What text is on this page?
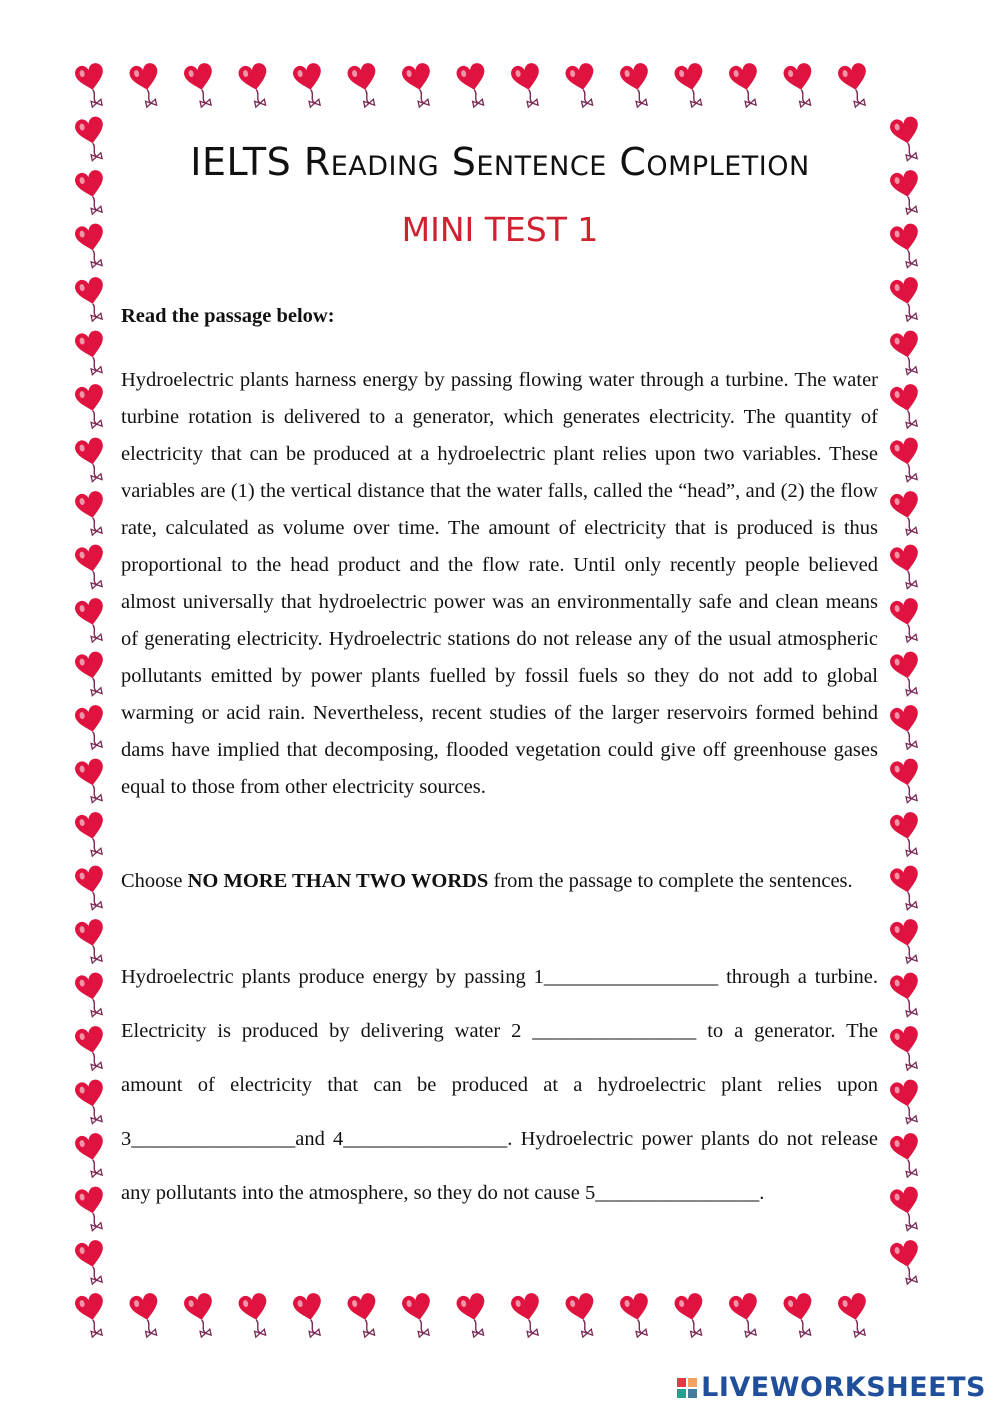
IELTS Reading Sentence Completion
MINI TEST 1
Read the passage below:

Hydroelectric plants harness energy by passing flowing water through a turbine. The water turbine rotation is delivered to a generator, which generates electricity. The quantity of electricity that can be produced at a hydroelectric plant relies upon two variables. These variables are (1) the vertical distance that the water falls, called the “head”, and (2) the flow rate, calculated as volume over time. The amount of electricity that is produced is thus proportional to the head product and the flow rate. Until only recently people believed almost universally that hydroelectric power was an environmentally safe and clean means of generating electricity. Hydroelectric stations do not release any of the usual atmospheric pollutants emitted by power plants fuelled by fossil fuels so they do not add to global warming or acid rain. Nevertheless, recent studies of the larger reservoirs formed behind dams have implied that decomposing, flooded vegetation could give off greenhouse gases equal to those from other electricity sources.

Choose NO MORE THAN TWO WORDS from the passage to complete the sentences.

Hydroelectric plants produce energy by passing 1_________________ through a turbine. Electricity is produced by delivering water 2 ________________ to a generator. The amount of electricity that can be produced at a hydroelectric plant relies upon 3________________and 4________________. Hydroelectric power plants do not release any pollutants into the atmosphere, so they do not cause 5________________.

LIVEWORKSHEETS
